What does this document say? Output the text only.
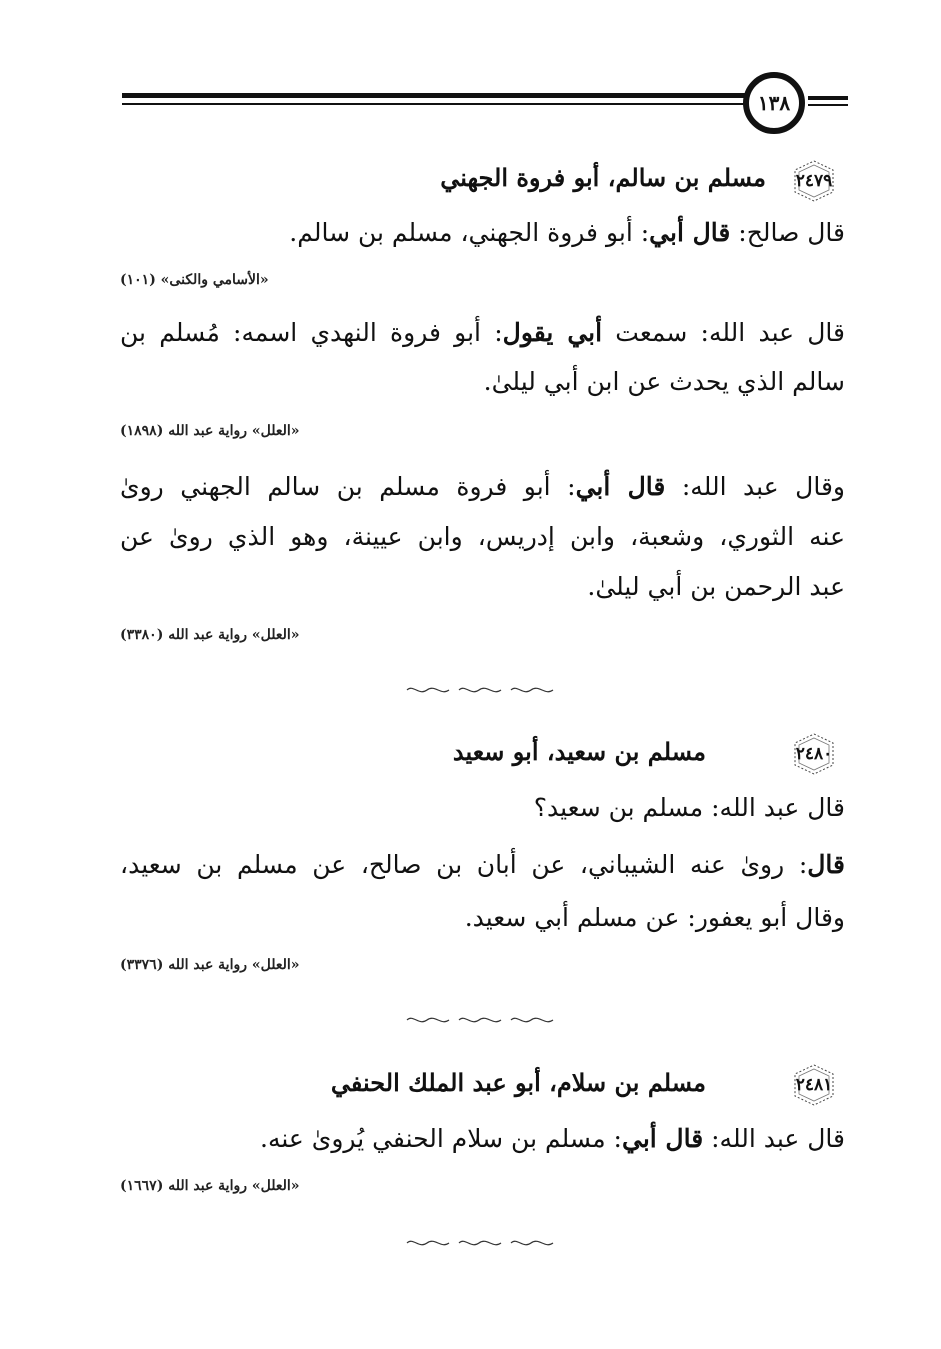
١٣٨
٢٤٧٩
مسلم بن سالم، أبو فروة الجهني
قال صالح: قال أبي: أبو فروة الجهني، مسلم بن سالم.
«الأسامي والكنى» (١٠١)
قال عبد الله: سمعت أبي يقول: أبو فروة النهدي اسمه: مُسلم بن
سالم الذي يحدث عن ابن أبي ليلىٰ.
«العلل» رواية عبد الله (١٨٩٨)
وقال عبد الله: قال أبي: أبو فروة مسلم بن سالم الجهني روىٰ
عنه الثوري، وشعبة، وابن إدريس، وابن عيينة، وهو الذي روىٰ عن
عبد الرحمن بن أبي ليلىٰ.
«العلل» رواية عبد الله (٣٣٨٠)
٢٤٨٠
مسلم بن سعيد، أبو سعيد
قال عبد الله: مسلم بن سعيد؟
قال: روىٰ عنه الشيباني، عن أبان بن صالح، عن مسلم بن سعيد،
وقال أبو يعفور: عن مسلم أبي سعيد.
«العلل» رواية عبد الله (٣٣٧٦)
٢٤٨١
مسلم بن سلام، أبو عبد الملك الحنفي
قال عبد الله: قال أبي: مسلم بن سلام الحنفي يُروىٰ عنه.
«العلل» رواية عبد الله (١٦٦٧)
